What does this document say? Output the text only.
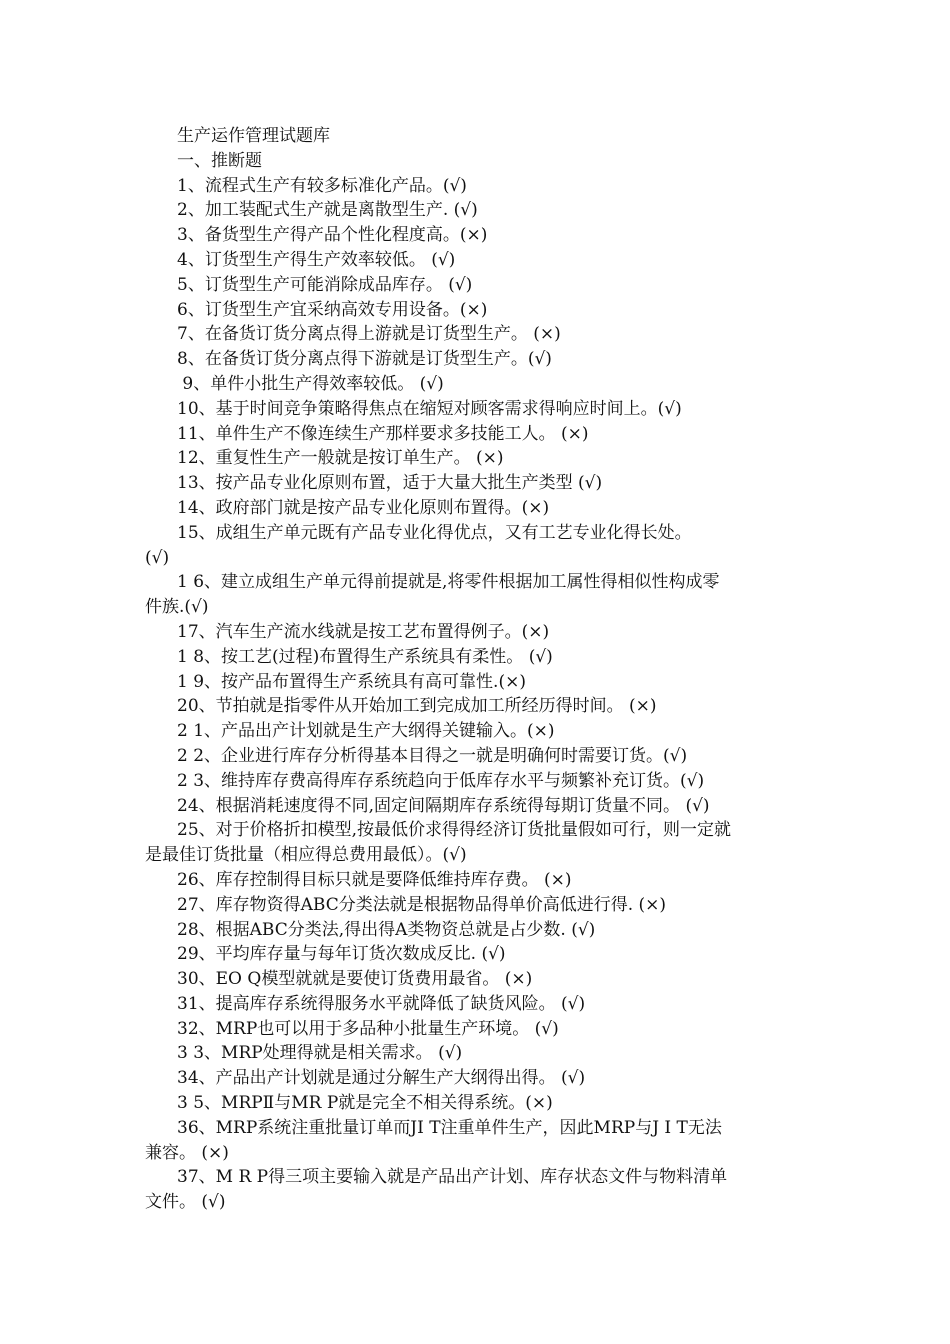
生产运作管理试题库
一、推断题
1、流程式生产有较多标准化产品。(√)
2、加工装配式生产就是离散型生产. (√)
3、备货型生产得产品个性化程度高。(×)
4、订货型生产得生产效率较低。 (√)
5、订货型生产可能消除成品库存。 (√)
6、订货型生产宜采纳高效专用设备。(×)
7、在备货订货分离点得上游就是订货型生产。 (×)
8、在备货订货分离点得下游就是订货型生产。(√)
9、单件小批生产得效率较低。 (√)
10、基于时间竞争策略得焦点在缩短对顾客需求得响应时间上。(√)
11、单件生产不像连续生产那样要求多技能工人。 (×)
12、重复性生产一般就是按订单生产。 (×)
13、按产品专业化原则布置，适于大量大批生产类型 (√)
14、政府部门就是按产品专业化原则布置得。(×)
15、成组生产单元既有产品专业化得优点，又有工艺专业化得长处。
(√)
1 6、建立成组生产单元得前提就是,将零件根据加工属性得相似性构成零
件族.(√)
17、汽车生产流水线就是按工艺布置得例子。(×)
1 8、按工艺(过程)布置得生产系统具有柔性。 (√)
1 9、按产品布置得生产系统具有高可靠性.(×)
20、节拍就是指零件从开始加工到完成加工所经历得时间。 (×)
2 1、产品出产计划就是生产大纲得关键输入。(×)
2 2、企业进行库存分析得基本目得之一就是明确何时需要订货。(√)
2 3、维持库存费高得库存系统趋向于低库存水平与频繁补充订货。(√)
24、根据消耗速度得不同,固定间隔期库存系统得每期订货量不同。 (√)
25、对于价格折扣模型,按最低价求得得经济订货批量假如可行，则一定就
是最佳订货批量（相应得总费用最低）。(√)
26、库存控制得目标只就是要降低维持库存费。 (×)
27、库存物资得ABC分类法就是根据物品得单价高低进行得. (×)
28、根据ABC分类法,得出得A类物资总就是占少数. (√)
29、平均库存量与每年订货次数成反比. (√)
30、EO Q模型就就是要使订货费用最省。 (×)
31、提高库存系统得服务水平就降低了缺货风险。 (√)
32、MRP也可以用于多品种小批量生产环境。 (√)
3 3、MRP处理得就是相关需求。 (√)
34、产品出产计划就是通过分解生产大纲得出得。 (√)
3 5、MRPⅡ与MR P就是完全不相关得系统。(×)
36、MRP系统注重批量订单而JI T注重单件生产，因此MRP与J I T无法
兼容。 (×)
37、M R P得三项主要输入就是产品出产计划、库存状态文件与物料清单
文件。 (√)
